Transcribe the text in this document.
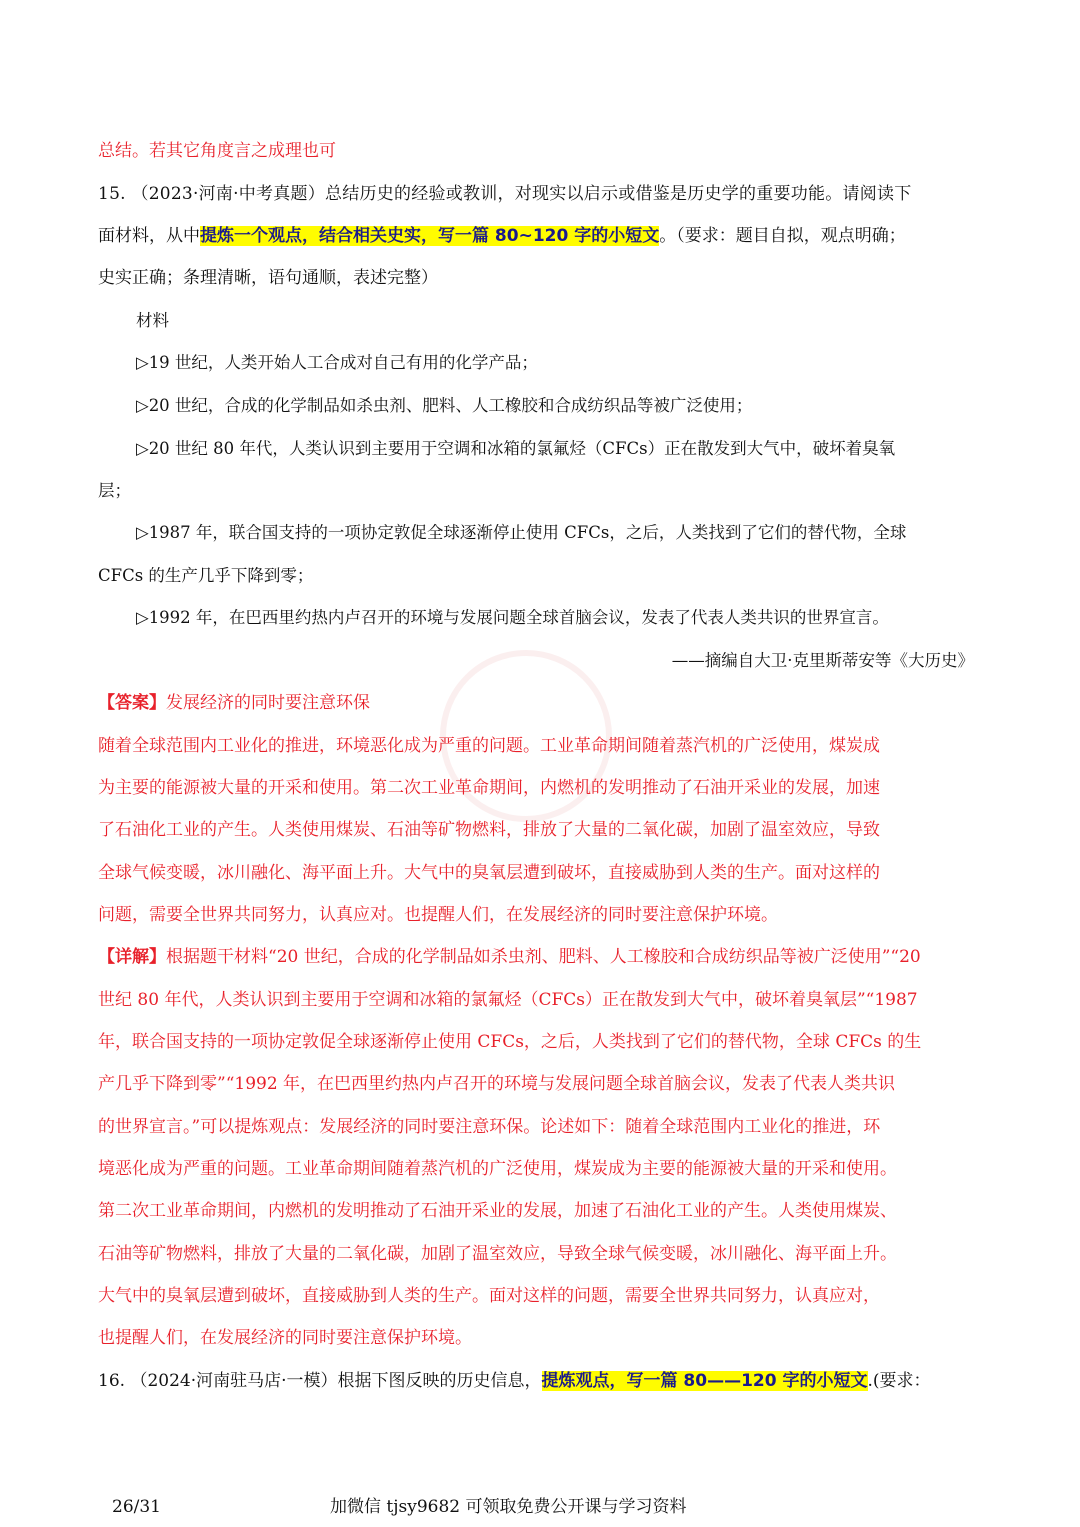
总结。若其它角度言之成理也可
15. （2023·河南·中考真题）总结历史的经验或教训，对现实以启示或借鉴是历史学的重要功能。请阅读下
面材料，从中提炼一个观点，结合相关史实，写一篇 80~120 字的小短文。（要求：题目自拟，观点明确；
史实正确；条理清晰，语句通顺，表述完整）
材料
▷19 世纪，人类开始人工合成对自己有用的化学产品；
▷20 世纪，合成的化学制品如杀虫剂、肥料、人工橡胶和合成纺织品等被广泛使用；
▷20 世纪 80 年代，人类认识到主要用于空调和冰箱的氯氟烃（CFCs）正在散发到大气中，破坏着臭氧
层；
▷1987 年，联合国支持的一项协定敦促全球逐渐停止使用 CFCs，之后，人类找到了它们的替代物，全球
CFCs 的生产几乎下降到零；
▷1992 年，在巴西里约热内卢召开的环境与发展问题全球首脑会议，发表了代表人类共识的世界宣言。
——摘编自大卫·克里斯蒂安等《大历史》
【答案】发展经济的同时要注意环保
随着全球范围内工业化的推进，环境恶化成为严重的问题。工业革命期间随着蒸汽机的广泛使用，煤炭成
为主要的能源被大量的开采和使用。第二次工业革命期间，内燃机的发明推动了石油开采业的发展，加速
了石油化工业的产生。人类使用煤炭、石油等矿物燃料，排放了大量的二氧化碳，加剧了温室效应，导致
全球气候变暖，冰川融化、海平面上升。大气中的臭氧层遭到破坏，直接威胁到人类的生产。面对这样的
问题，需要全世界共同努力，认真应对。也提醒人们，在发展经济的同时要注意保护环境。
【详解】根据题干材料“20 世纪，合成的化学制品如杀虫剂、肥料、人工橡胶和合成纺织品等被广泛使用”“20
世纪 80 年代，人类认识到主要用于空调和冰箱的氯氟烃（CFCs）正在散发到大气中，破坏着臭氧层”“1987
年，联合国支持的一项协定敦促全球逐渐停止使用 CFCs，之后，人类找到了它们的替代物，全球 CFCs 的生
产几乎下降到零”“1992 年，在巴西里约热内卢召开的环境与发展问题全球首脑会议，发表了代表人类共识
的世界宣言。”可以提炼观点：发展经济的同时要注意环保。论述如下：随着全球范围内工业化的推进，环
境恶化成为严重的问题。工业革命期间随着蒸汽机的广泛使用，煤炭成为主要的能源被大量的开采和使用。
第二次工业革命期间，内燃机的发明推动了石油开采业的发展，加速了石油化工业的产生。人类使用煤炭、
石油等矿物燃料，排放了大量的二氧化碳，加剧了温室效应，导致全球气候变暖，冰川融化、海平面上升。
大气中的臭氧层遭到破坏，直接威胁到人类的生产。面对这样的问题，需要全世界共同努力，认真应对，
也提醒人们，在发展经济的同时要注意保护环境。
16. （2024·河南驻马店·一模）根据下图反映的历史信息，提炼观点，写一篇 80——120 字的小短文.(要求：
26/31	加微信 tjsy9682 可领取免费公开课与学习资料
